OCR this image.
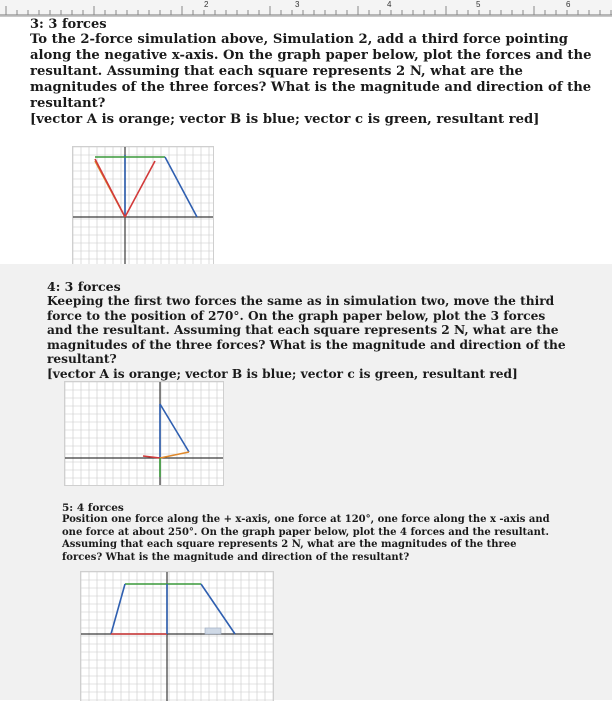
2	3	4	5	6
3: 3 forces

To the 2-force simulation above, Simulation 2, add a third force pointing along the negative x-axis. On the graph paper below, plot the forces and the resultant. Assuming that each square represents 2 N, what are the magnitudes of the three forces? What is the magnitude and direction of the resultant?

[vector A is orange; vector B is blue; vector c is green, resultant red]

4: 3 forces

Keeping the first two forces the same as in simulation two, move the third force to the position of 270°. On the graph paper below, plot the 3 forces and the resultant. Assuming that each square represents 2 N, what are the magnitudes of the three forces? What is the magnitude and direction of the resultant?

[vector A is orange; vector B is blue; vector c is green, resultant red]

5: 4 forces

Position one force along the + x-axis, one force at 120°, one force along the x -axis and one force at about 250°. On the graph paper below, plot the 4 forces and the resultant. Assuming that each square represents 2 N, what are the magnitudes of the three forces? What is the magnitude and direction of the resultant?
